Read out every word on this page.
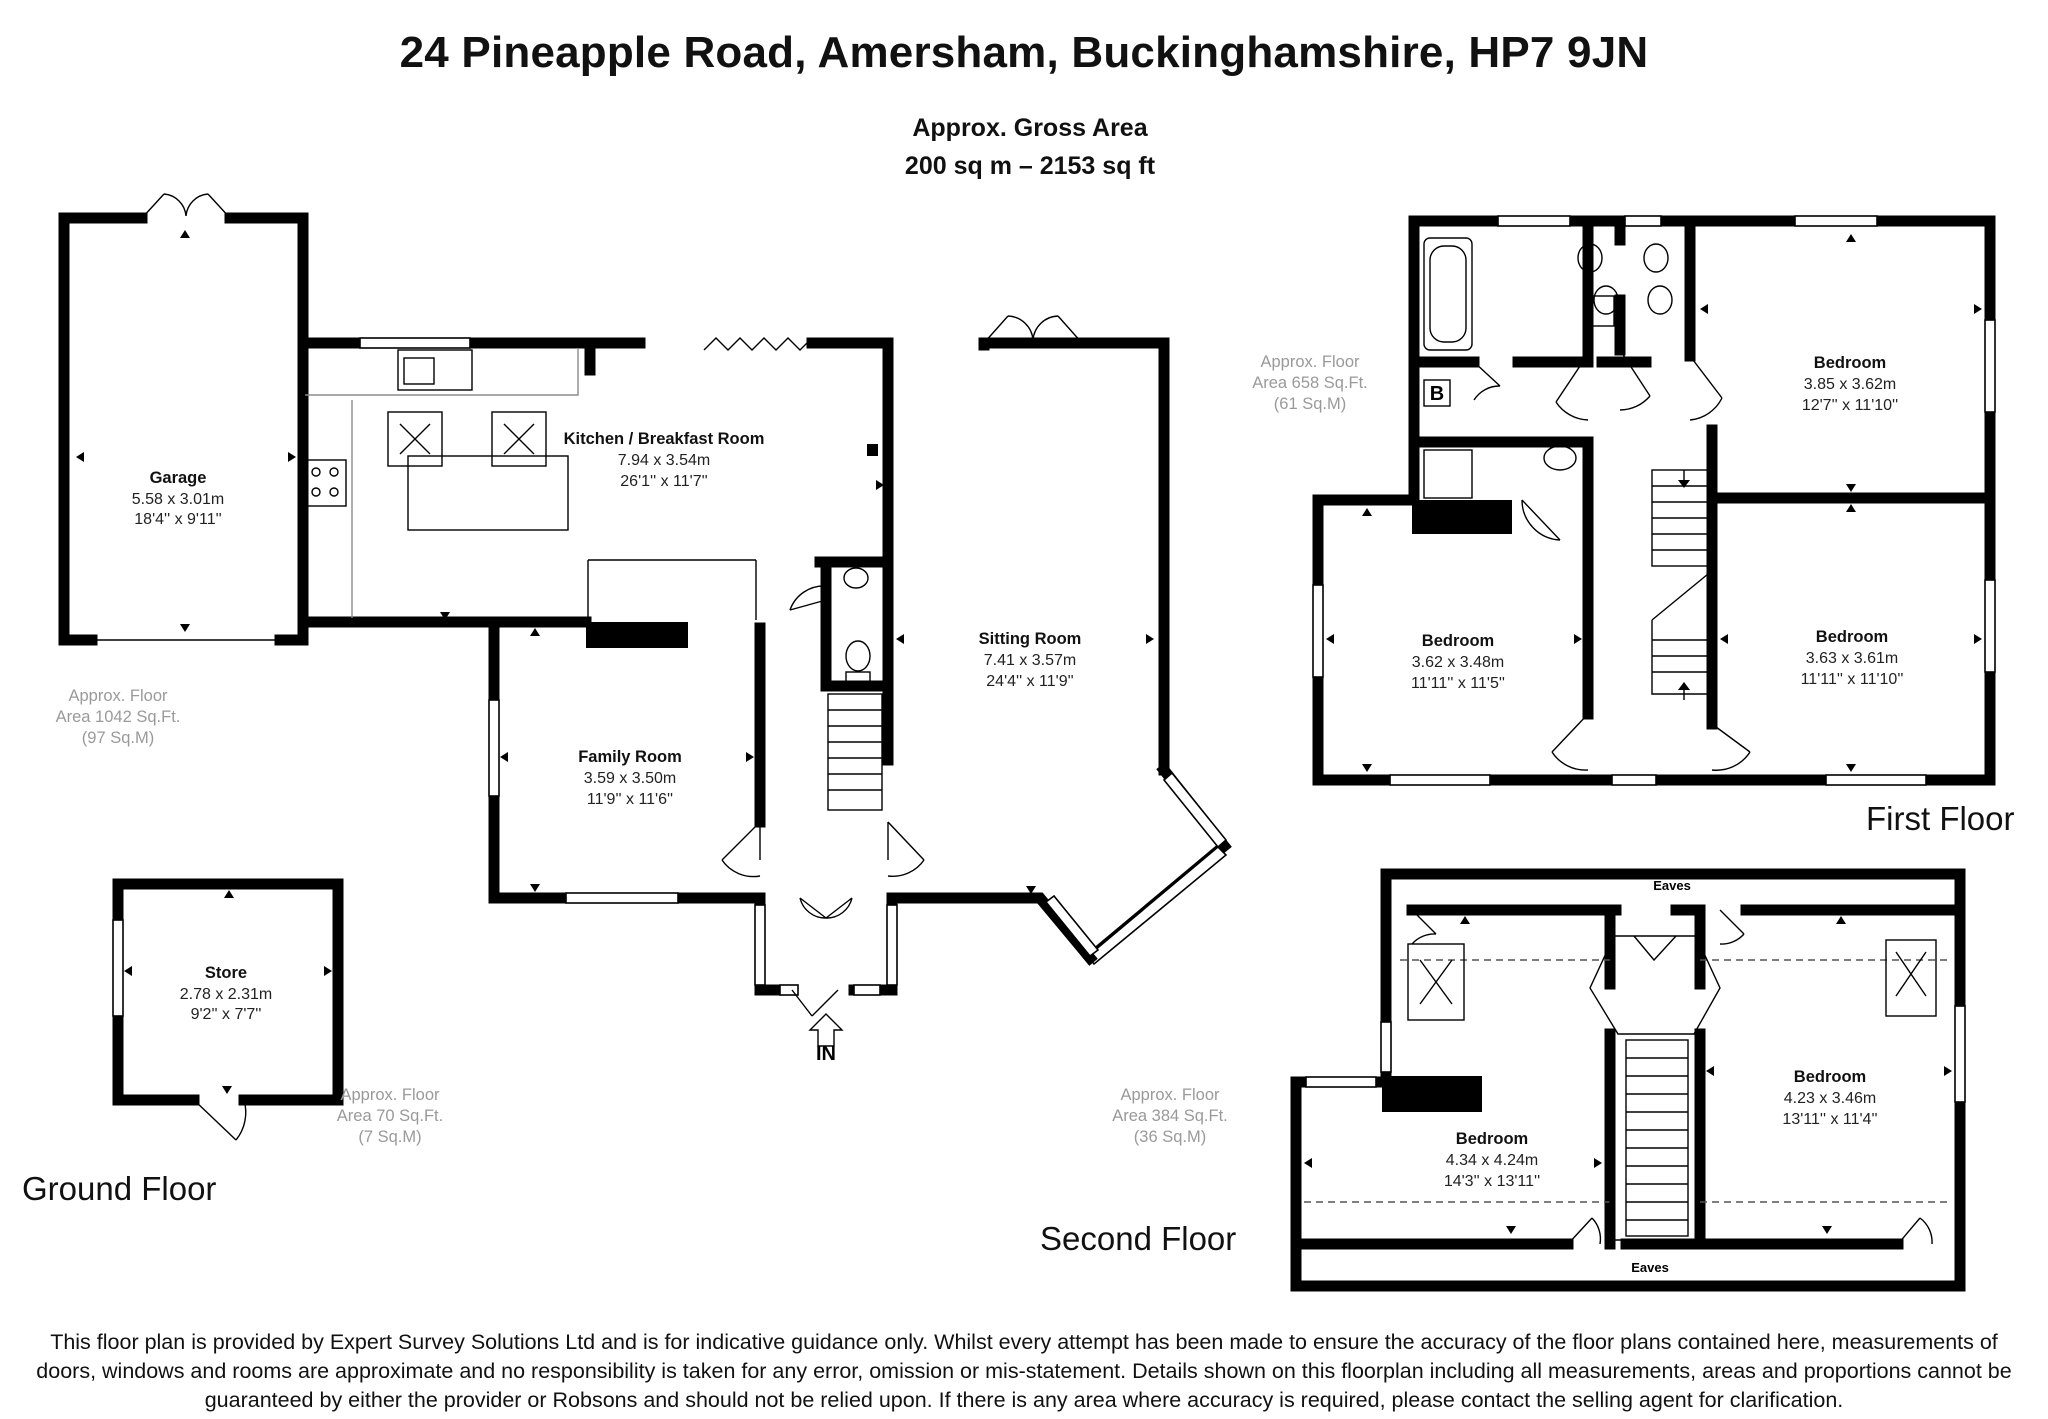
24 Pineapple Road, Amersham, Buckinghamshire, HP7 9JN
Approx. Gross Area
200 sq m – 2153 sq ft
B
Garage
5.58 x 3.01m
18'4'' x 9'11''
Kitchen / Breakfast Room
7.94 x 3.54m
26'1'' x 11'7''
Sitting Room
7.41 x 3.57m
24'4'' x 11'9''
Family Room
3.59 x 3.50m
11'9'' x 11'6''
Store
2.78 x 2.31m
9'2'' x 7'7''
Bedroom
3.85 x 3.62m
12'7'' x 11'10''
Bedroom
3.62 x 3.48m
11'11'' x 11'5''
Bedroom
3.63 x 3.61m
11'11'' x 11'10''
Bedroom
4.23 x 3.46m
13'11'' x 11'4''
Bedroom
4.34 x 4.24m
14'3'' x 13'11''
Eaves
Eaves
IN
Approx. Floor
Area 1042 Sq.Ft.
(97 Sq.M)
Approx. Floor
Area 70 Sq.Ft.
(7 Sq.M)
Approx. Floor
Area 658 Sq.Ft.
(61 Sq.M)
Approx. Floor
Area 384 Sq.Ft.
(36 Sq.M)
Ground Floor
First Floor
Second Floor
This floor plan is provided by Expert Survey Solutions Ltd and is for indicative guidance only. Whilst every attempt has been made to ensure the accuracy of the floor plans contained here, measurements of doors, windows and rooms are approximate and no responsibility is taken for any error, omission or mis-statement. Details shown on this floorplan including all measurements, areas and proportions cannot be guaranteed by either the provider or Robsons and should not be relied upon. If there is any area where accuracy is required, please contact the selling agent for clarification.
